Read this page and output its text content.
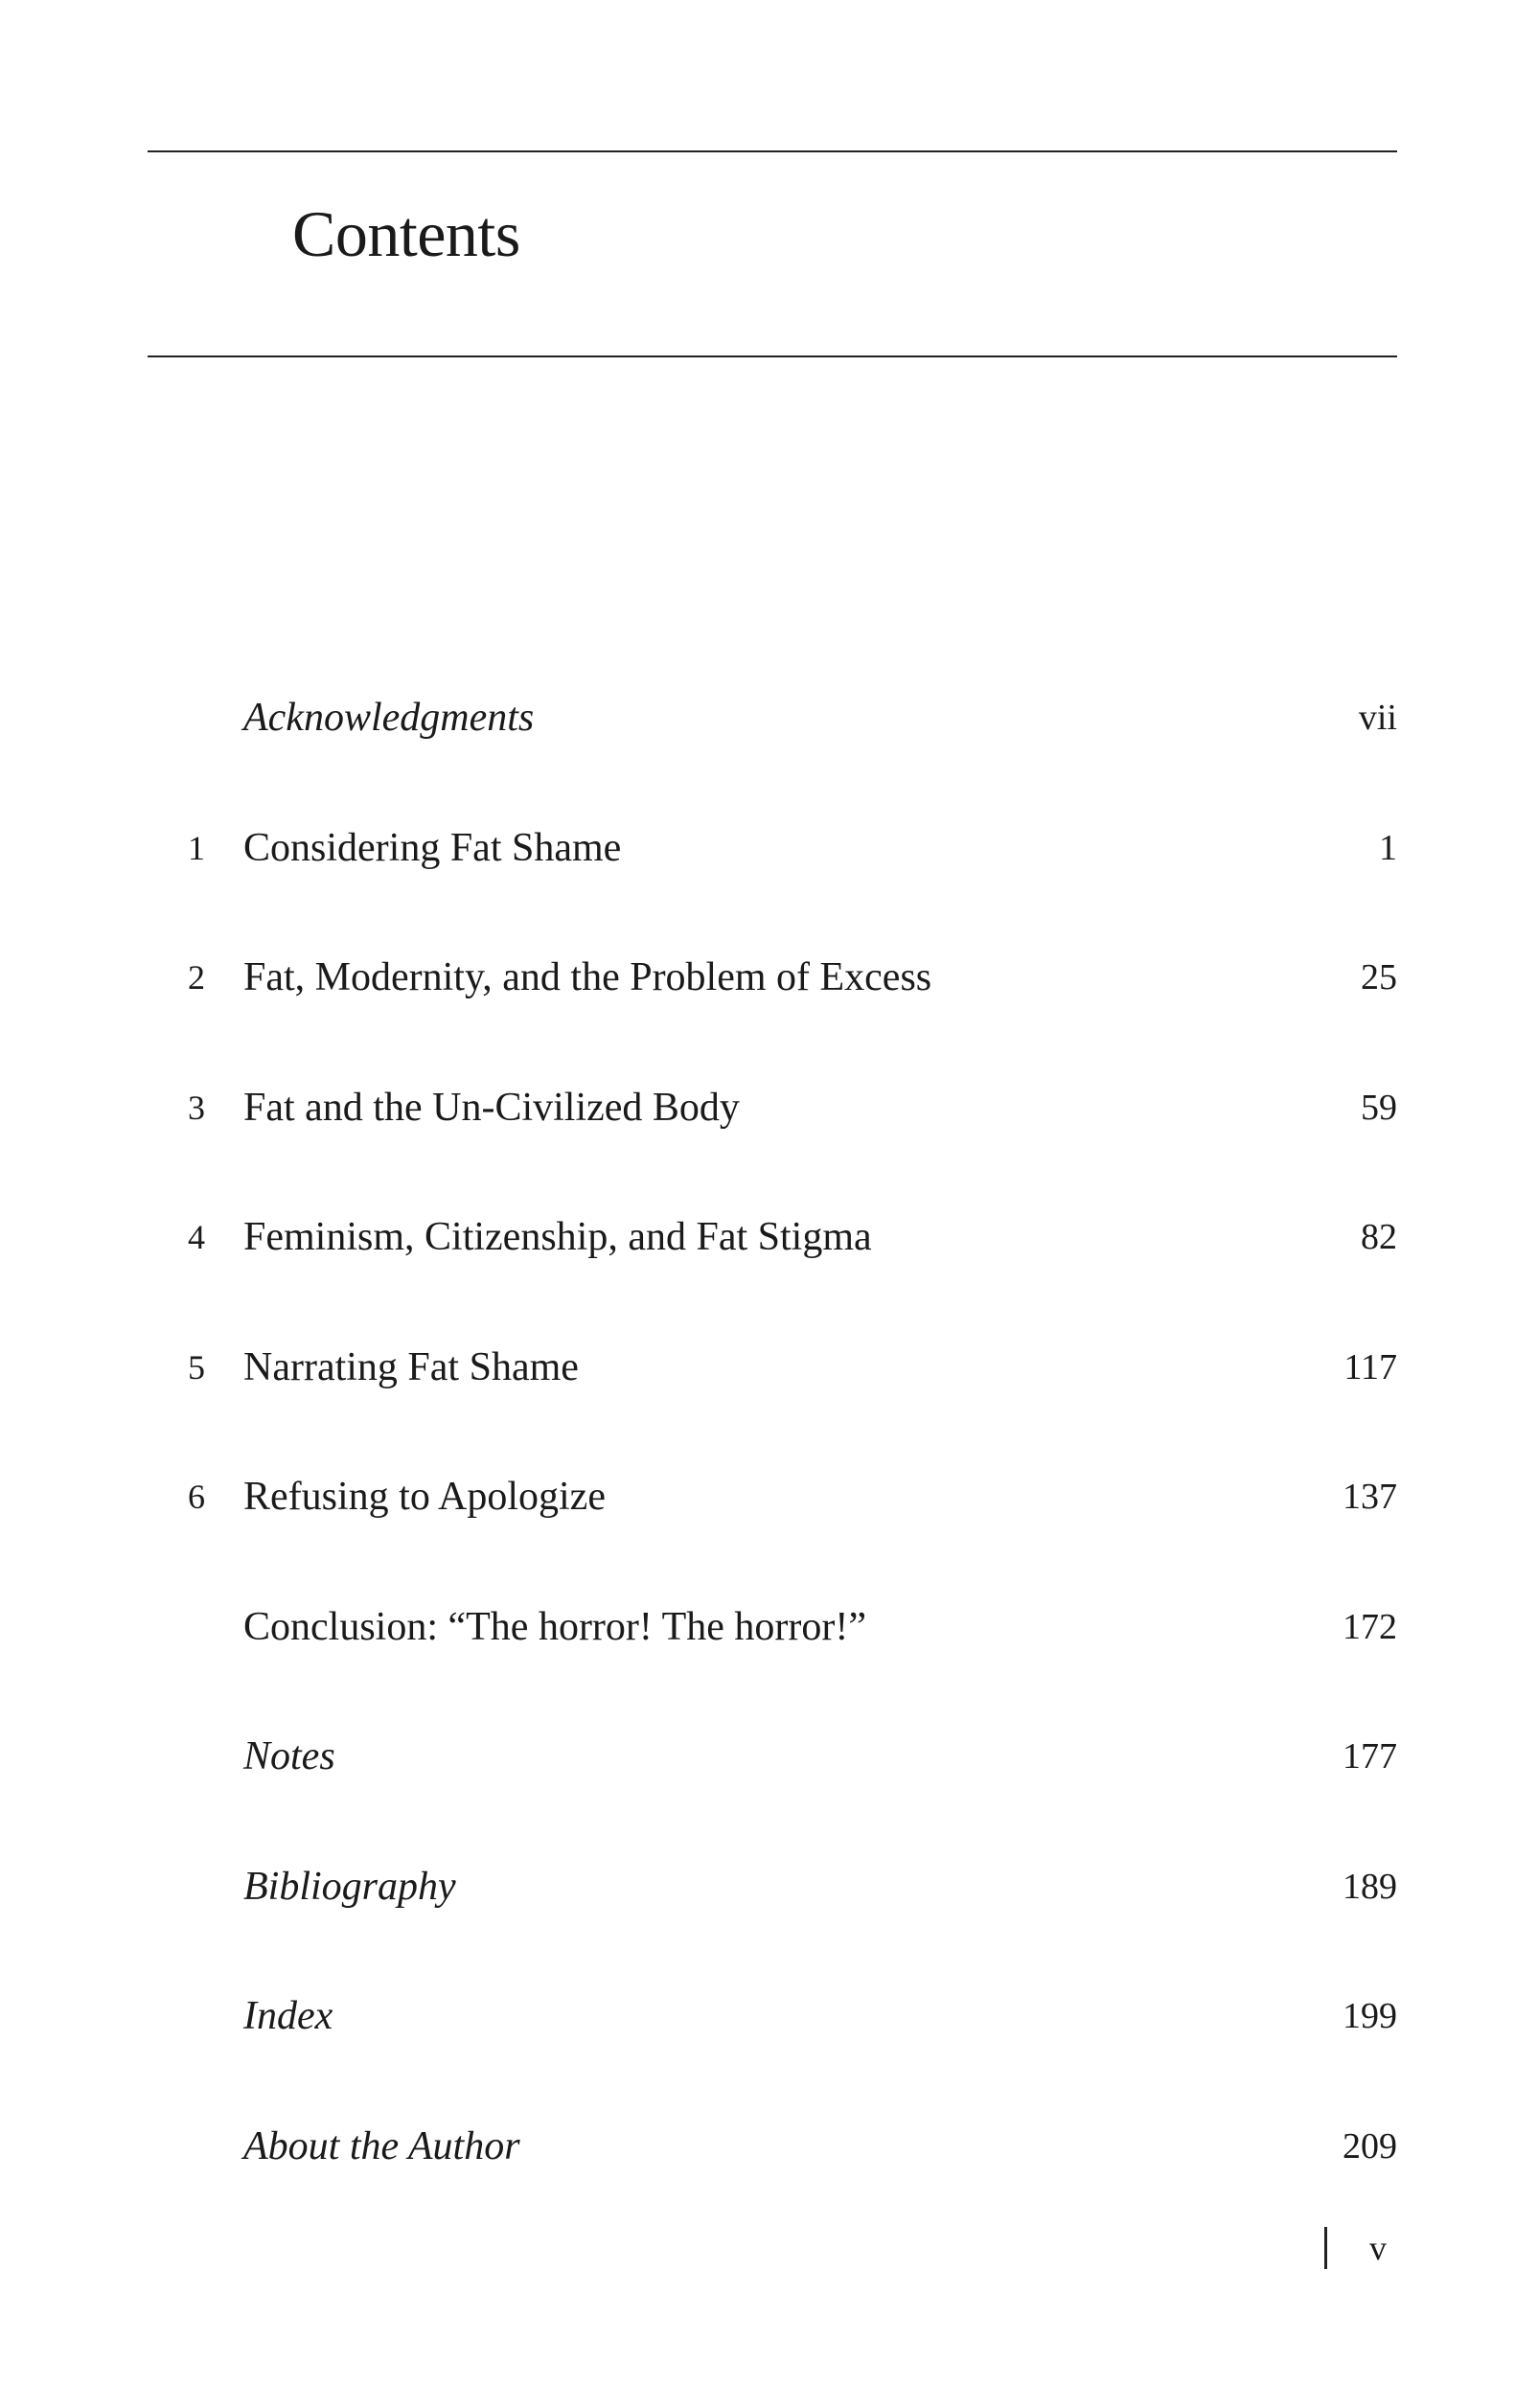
Contents
Acknowledgments	vii
1 Considering Fat Shame	1
2 Fat, Modernity, and the Problem of Excess	25
3 Fat and the Un-Civilized Body	59
4 Feminism, Citizenship, and Fat Stigma	82
5 Narrating Fat Shame	117
6 Refusing to Apologize	137
Conclusion: “The horror! The horror!”	172
Notes	177
Bibliography	189
Index	199
About the Author	209
v
